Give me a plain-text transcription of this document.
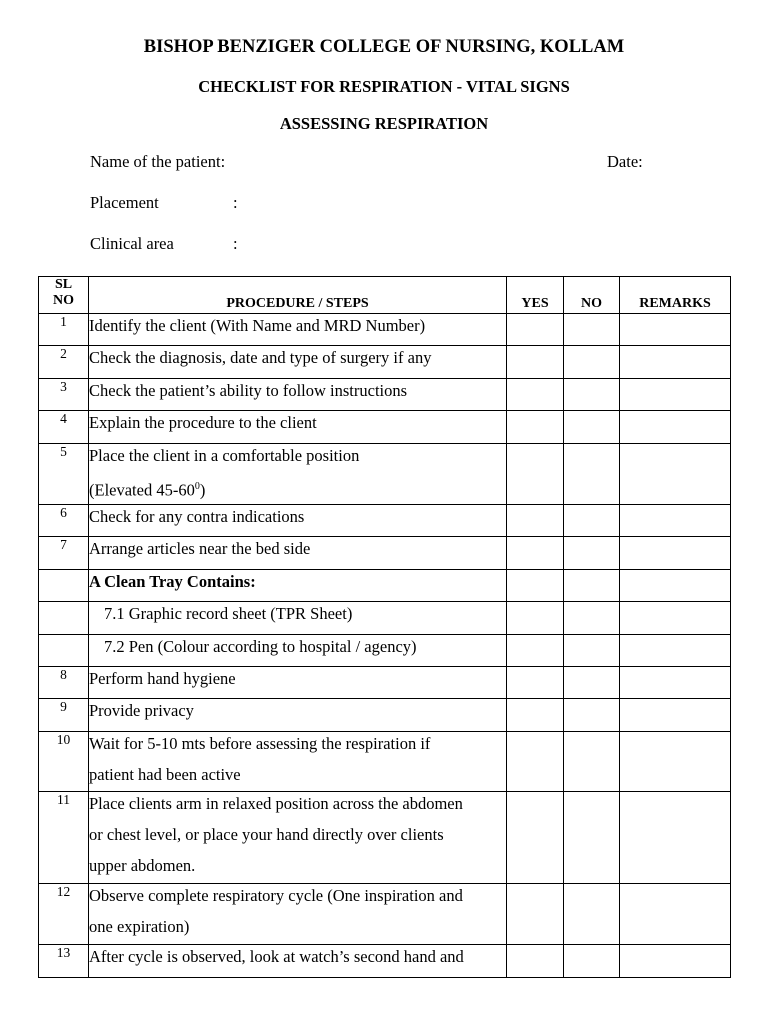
BISHOP BENZIGER COLLEGE OF NURSING, KOLLAM
CHECKLIST FOR RESPIRATION - VITAL SIGNS
ASSESSING RESPIRATION
Name of the patient:	Date:
Placement	:
Clinical area	:
SL
NO	PROCEDURE / STEPS	YES	NO	REMARKS
1	Identify the client (With Name and MRD Number)			

2	Check the diagnosis, date and type of surgery if any			

3	Check the patient’s ability to follow instructions			

4	Explain the procedure to the client			

5	Place the client in a comfortable position
(Elevated $45-60^0$)			

6	Check for any contra indications			

7	Arrange articles near the bed side			

	A Clean Tray Contains:			

	7.1 Graphic record sheet (TPR Sheet)			

	7.2 Pen (Colour according to hospital / agency)			

8	Perform hand hygiene			

9	Provide privacy			

10	Wait for 5-10 mts before assessing the respiration if
patient had been active			

11	Place clients arm in relaxed position across the abdomen
or chest level, or place your hand directly over clients
upper abdomen.			

12	Observe complete respiratory cycle (One inspiration and
one expiration)			

13	After cycle is observed, look at watch’s second hand and			
